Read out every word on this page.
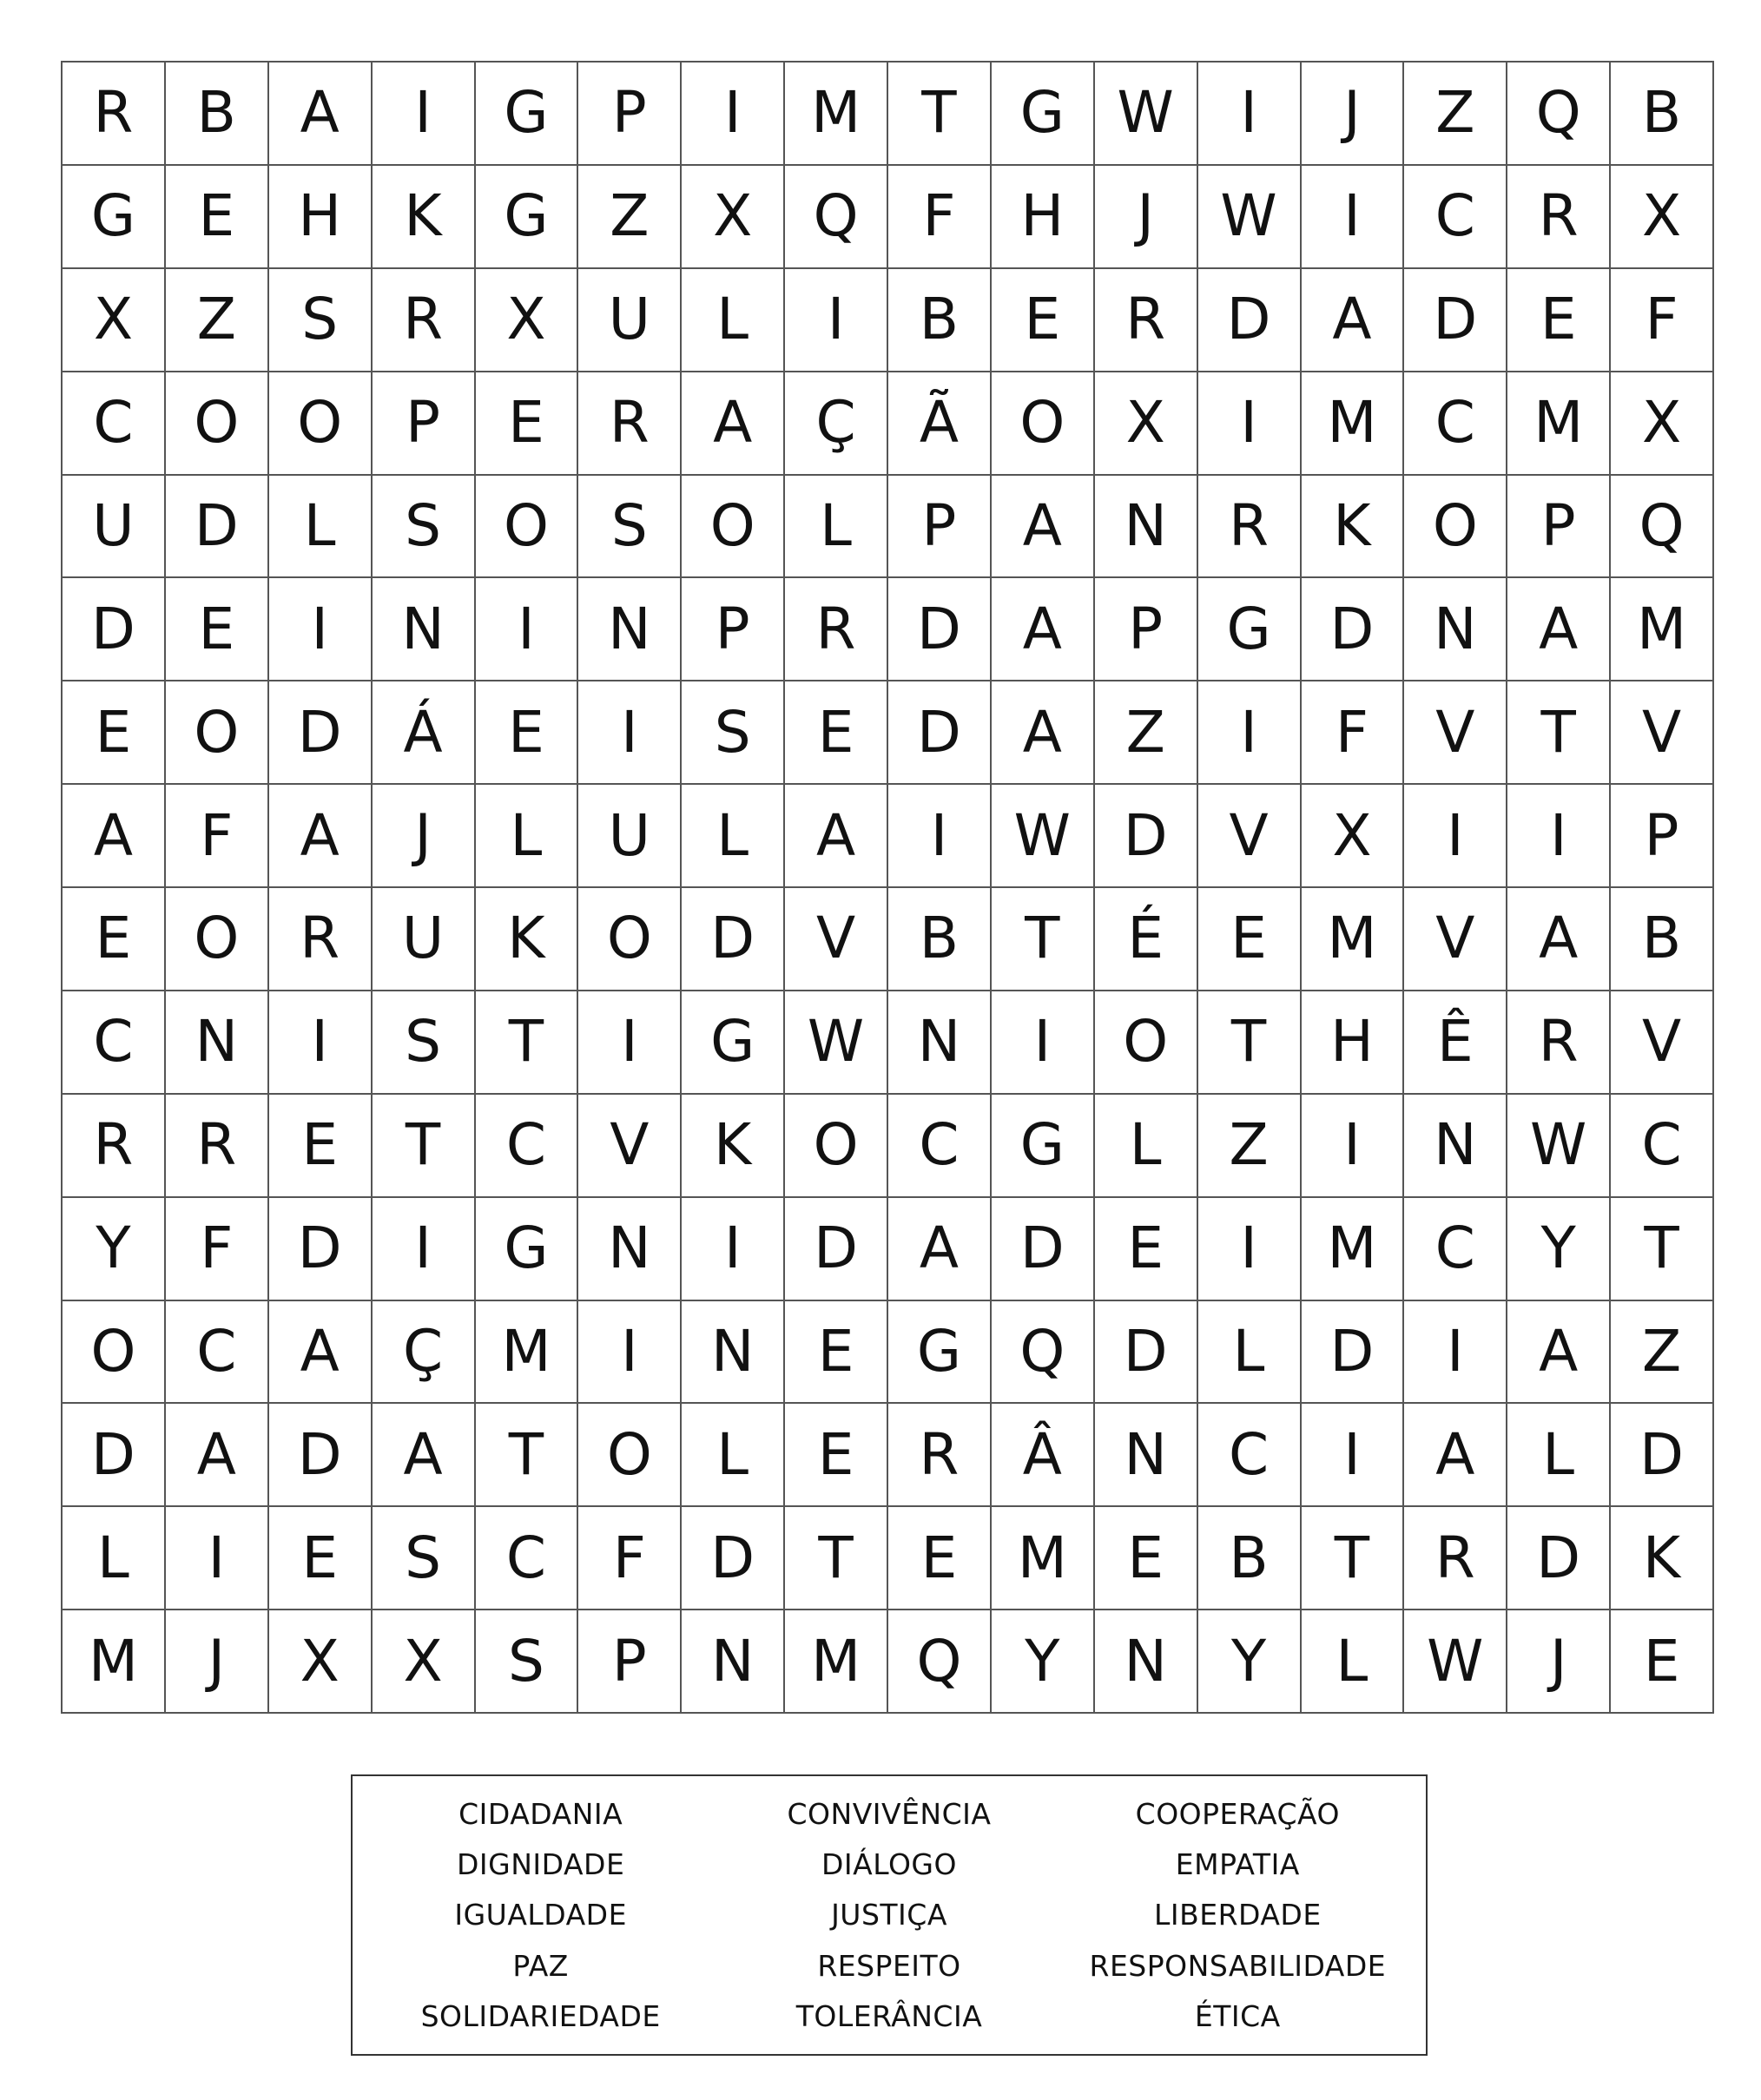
R	B	A	I	G	P	I	M	T	G W	I	J	Z	Q	B
G	E	H	K	G	Z	X	Q	F	H	J	W	I	C	R	X
X	Z	S	R	X	U	L	I	B	E	R	D	A	D	E	F
C	O	O	P	E	R	A	Ç	Ã	O	X	I	M	C	M	X
U	D	L	S	O	S	O	L	P	A	N	R	K	O	P	Q
D	E	I	N	I	N	P	R	D	A	P	G	D	N	A	M
E	O	D	Á	E	I	S	E	D	A	Z	I	F	V	T	V
A	F	A	J	L	U	L	A	I	W D	V	X	I	I	P
E	O	R	U	K	O	D	V	B	T	É	E	M	V	A	B
C	N	I	S	T	I	G W N	I	O	T	H	Ê	R	V
R	R	E	T	C	V	K	O	C	G	L	Z	I	N W C
Y	F	D	I	G	N	I	D	A	D	E	I	M	C	Y	T
O	C	A	Ç	M	I	N	E	G	Q	D	L	D	I	A	Z
D	A	D	A	T	O	L	E	R	Â	N	C	I	A	L	D
L	I	E	S	C	F	D	T	E	M	E	B	T	R	D	K
M	J	X	X	S	P	N M Q	Y	N	Y	L	W	J	E
CIDADANIA	CONVIVÊNCIA	COOPERAÇÃO
DIGNIDADE	DIÁLOGO	EMPATIA
IGUALDADE	JUSTIÇA	LIBERDADE
PAZ	RESPEITO	RESPONSABILIDADE
SOLIDARIEDADE	TOLERÂNCIA	ÉTICA
